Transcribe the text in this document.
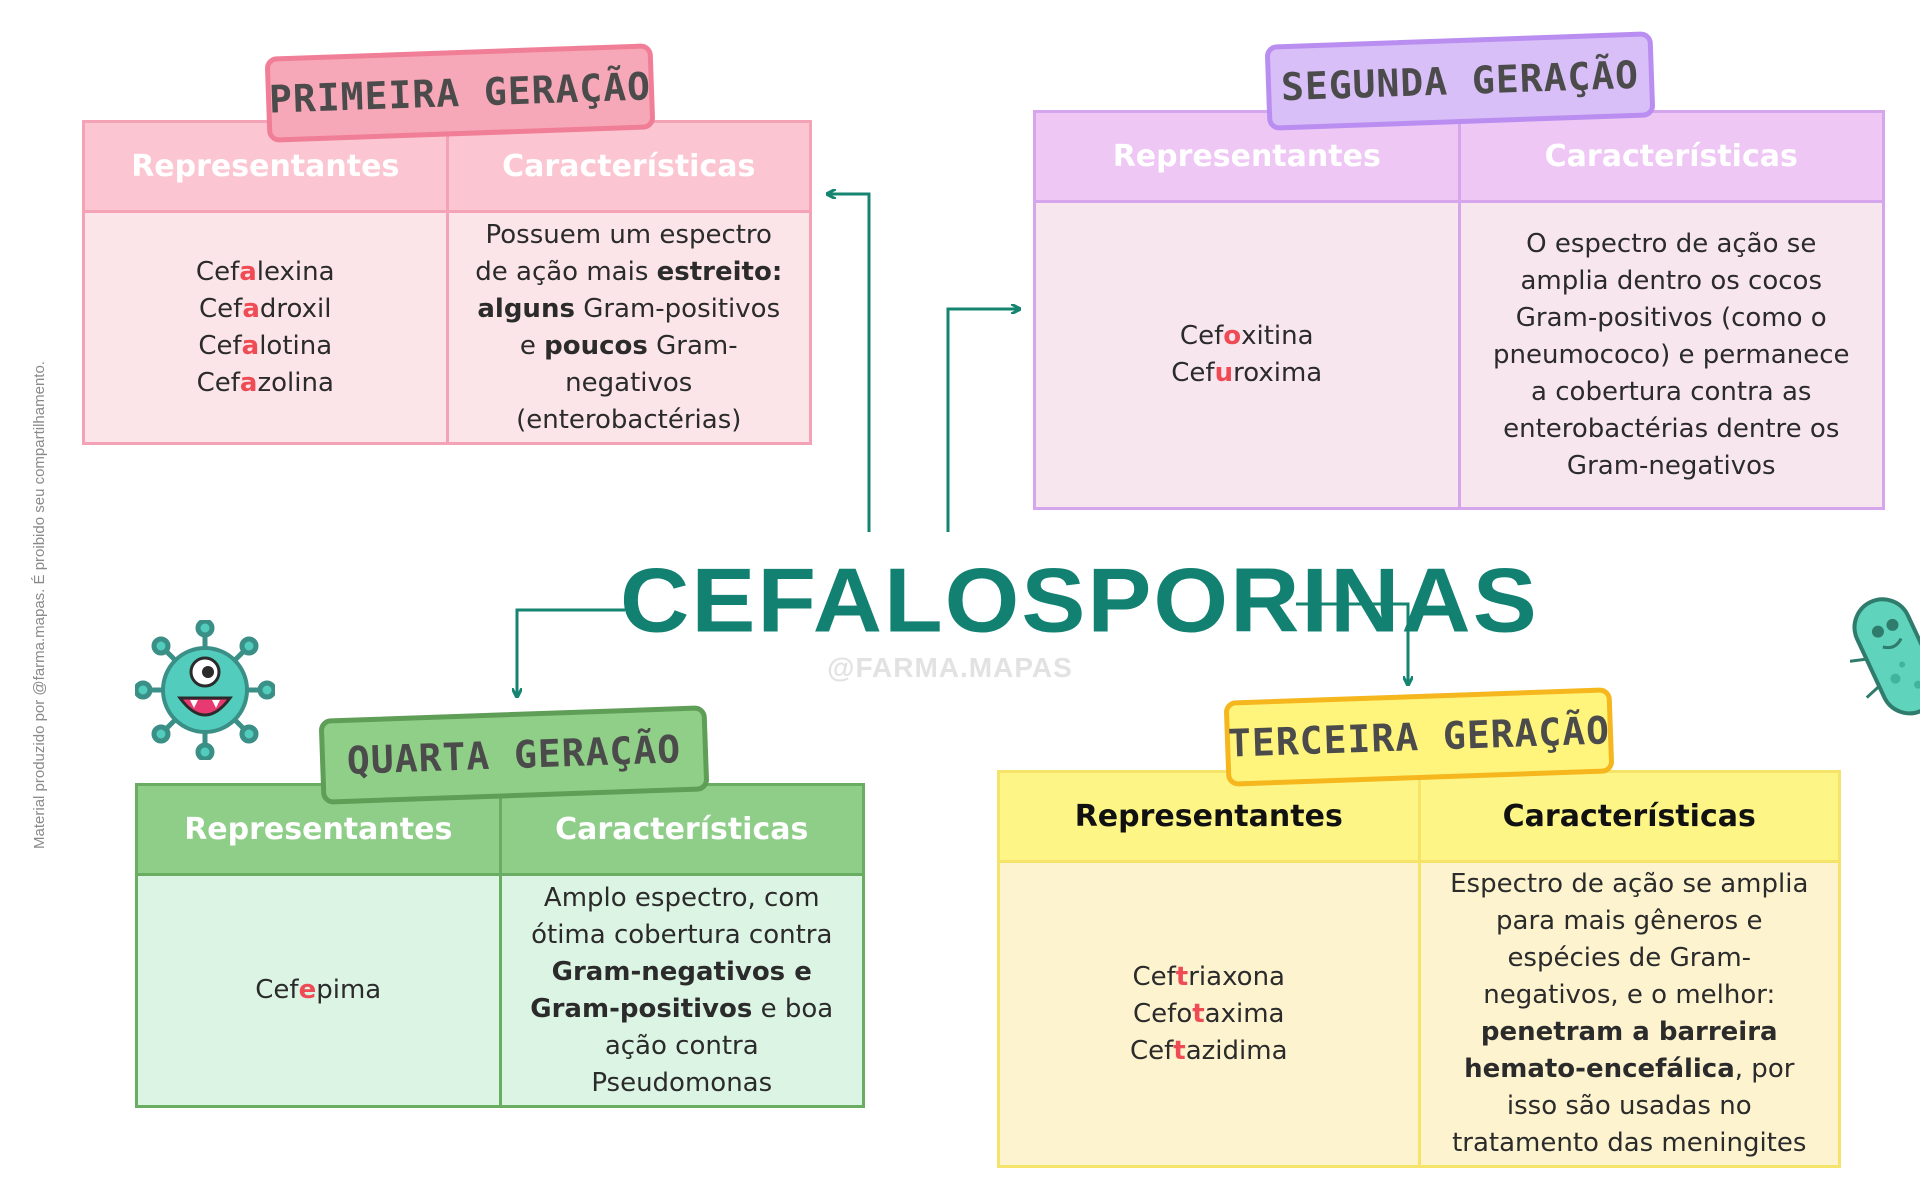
Material produzido por @farma.mapas. É proibido seu compartilhamento.	CEFALOSPORINAS
@FARMA.MAPAS
Representantes	Características

Cefalexina
Cefadroxil
Cefalotina
Cefazolina	Possuem um espectro de ação mais estreito: alguns Gram-positivos e poucos Gram-negativos (enterobactérias)
PRIMEIRA GERAÇÃO
Representantes	Características

Cefoxitina
Cefuroxima	O espectro de ação se amplia dentro os cocos Gram-positivos (como o pneumococo) e permanece a cobertura contra as enterobactérias dentre os Gram-negativos
SEGUNDA GERAÇÃO
Representantes	Características

Cefepima	Amplo espectro, com ótima cobertura contra Gram-negativos e Gram-positivos e boa ação contra Pseudomonas
QUARTA GERAÇÃO
Representantes	Características

Ceftriaxona
Cefotaxima
Ceftazidima	Espectro de ação se amplia para mais gêneros e espécies de Gram-negativos, e o melhor: penetram a barreira hemato-encefálica, por isso são usadas no tratamento das meningites
TERCEIRA GERAÇÃO
